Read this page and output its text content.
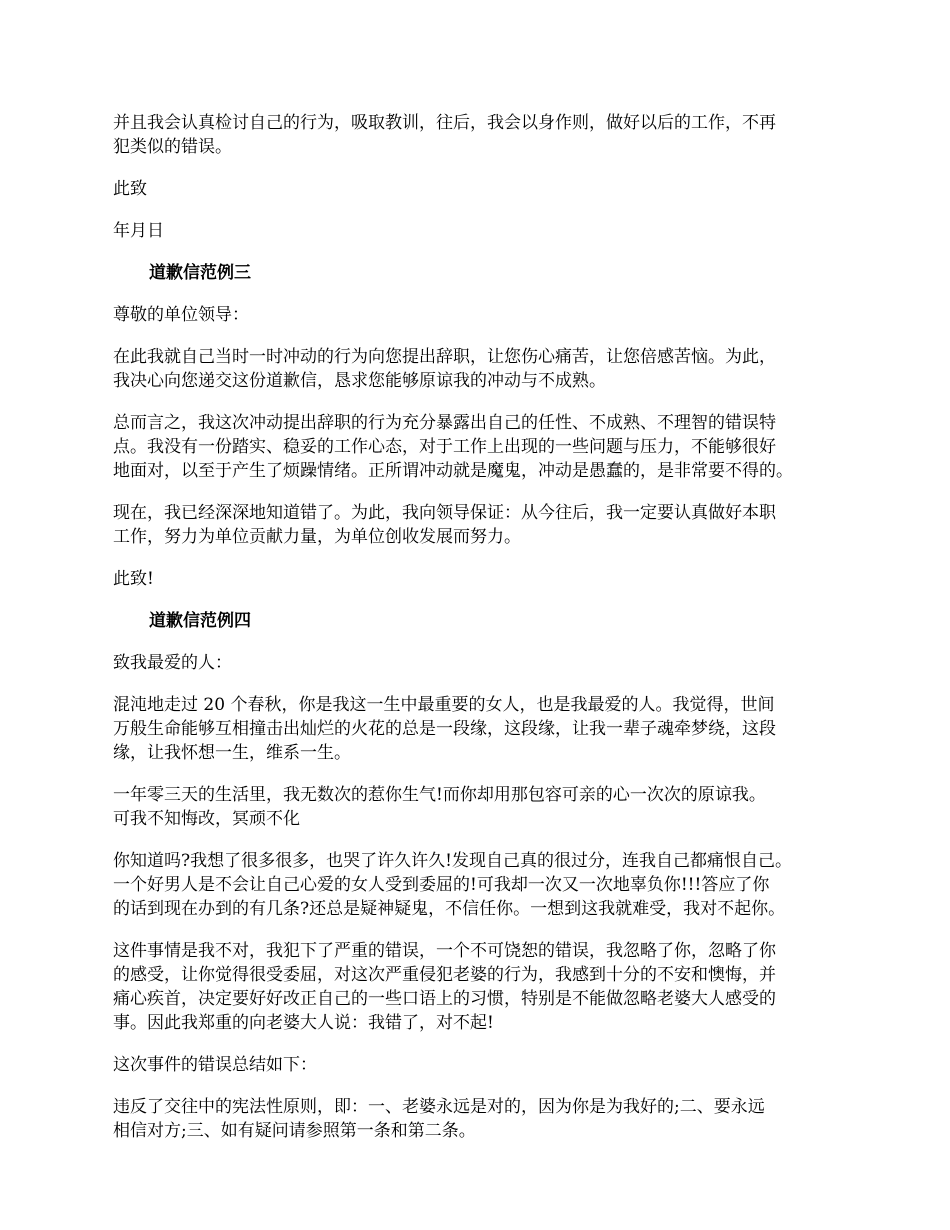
并且我会认真检讨自己的行为，吸取教训，往后，我会以身作则，做好以后的工作，不再
犯类似的错误。

此致

年月日

道歉信范例三

尊敬的单位领导：

在此我就自己当时一时冲动的行为向您提出辞职，让您伤心痛苦，让您倍感苦恼。为此，
我决心向您递交这份道歉信，恳求您能够原谅我的冲动与不成熟。

总而言之，我这次冲动提出辞职的行为充分暴露出自己的任性、不成熟、不理智的错误特
点。我没有一份踏实、稳妥的工作心态，对于工作上出现的一些问题与压力，不能够很好
地面对，以至于产生了烦躁情绪。正所谓冲动就是魔鬼，冲动是愚蠢的，是非常要不得的。

现在，我已经深深地知道错了。为此，我向领导保证：从今往后，我一定要认真做好本职
工作，努力为单位贡献力量，为单位创收发展而努力。

此致!

道歉信范例四

致我最爱的人：

混沌地走过 20 个春秋，你是我这一生中最重要的女人，也是我最爱的人。我觉得，世间
万般生命能够互相撞击出灿烂的火花的总是一段缘，这段缘，让我一辈子魂牵梦绕，这段
缘，让我怀想一生，维系一生。

一年零三天的生活里，我无数次的惹你生气!而你却用那包容可亲的心一次次的原谅我。
可我不知悔改，冥顽不化

你知道吗?我想了很多很多，也哭了许久许久!发现自己真的很过分，连我自己都痛恨自己。
一个好男人是不会让自己心爱的女人受到委屈的!可我却一次又一次地辜负你!!!答应了你
的话到现在办到的有几条?还总是疑神疑鬼，不信任你。一想到这我就难受，我对不起你。

这件事情是我不对，我犯下了严重的错误，一个不可饶恕的错误，我忽略了你，忽略了你
的感受，让你觉得很受委屈，对这次严重侵犯老婆的行为，我感到十分的不安和懊悔，并
痛心疾首，决定要好好改正自己的一些口语上的习惯，特别是不能做忽略老婆大人感受的
事。因此我郑重的向老婆大人说：我错了，对不起!

这次事件的错误总结如下：

违反了交往中的宪法性原则，即：一、老婆永远是对的，因为你是为我好的;二、要永远
相信对方;三、如有疑问请参照第一条和第二条。
